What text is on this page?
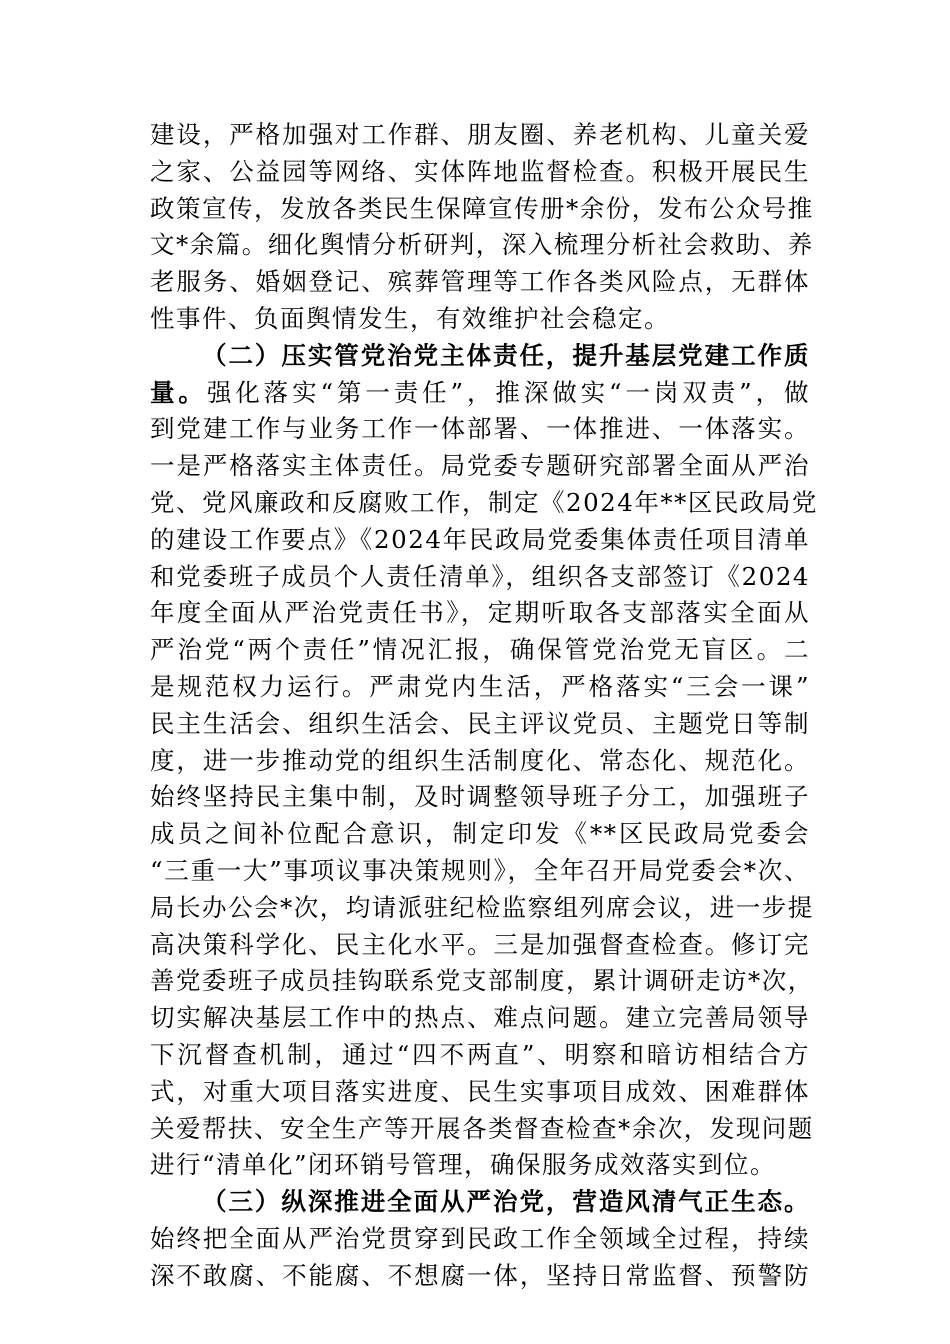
建设，严格加强对工作群、朋友圈、养老机构、儿童关爱
之家、公益园等网络、实体阵地监督检查。积极开展民生
政策宣传，发放各类民生保障宣传册*余份，发布公众号推
文*余篇。细化舆情分析研判，深入梳理分析社会救助、养
老服务、婚姻登记、殡葬管理等工作各类风险点，无群体
性事件、负面舆情发生，有效维护社会稳定。
（二）压实管党治党主体责任，提升基层党建工作质
量。强化落实“第一责任”，推深做实“一岗双责”，做
到党建工作与业务工作一体部署、一体推进、一体落实。
一是严格落实主体责任。局党委专题研究部署全面从严治
党、党风廉政和反腐败工作，制定《2024年**区民政局党
的建设工作要点》《2024年民政局党委集体责任项目清单
和党委班子成员个人责任清单》，组织各支部签订《2024
年度全面从严治党责任书》，定期听取各支部落实全面从
严治党“两个责任”情况汇报，确保管党治党无盲区。二
是规范权力运行。严肃党内生活，严格落实“三会一课”
民主生活会、组织生活会、民主评议党员、主题党日等制
度，进一步推动党的组织生活制度化、常态化、规范化。
始终坚持民主集中制，及时调整领导班子分工，加强班子
成员之间补位配合意识，制定印发《**区民政局党委会
“三重一大”事项议事决策规则》，全年召开局党委会*次、
局长办公会*次，均请派驻纪检监察组列席会议，进一步提
高决策科学化、民主化水平。三是加强督查检查。修订完
善党委班子成员挂钩联系党支部制度，累计调研走访*次，
切实解决基层工作中的热点、难点问题。建立完善局领导
下沉督查机制，通过“四不两直”、明察和暗访相结合方
式，对重大项目落实进度、民生实事项目成效、困难群体
关爱帮扶、安全生产等开展各类督查检查*余次，发现问题
进行“清单化”闭环销号管理，确保服务成效落实到位。
（三）纵深推进全面从严治党，营造风清气正生态。
始终把全面从严治党贯穿到民政工作全领域全过程，持续
深不敢腐、不能腐、不想腐一体，坚持日常监督、预警防
